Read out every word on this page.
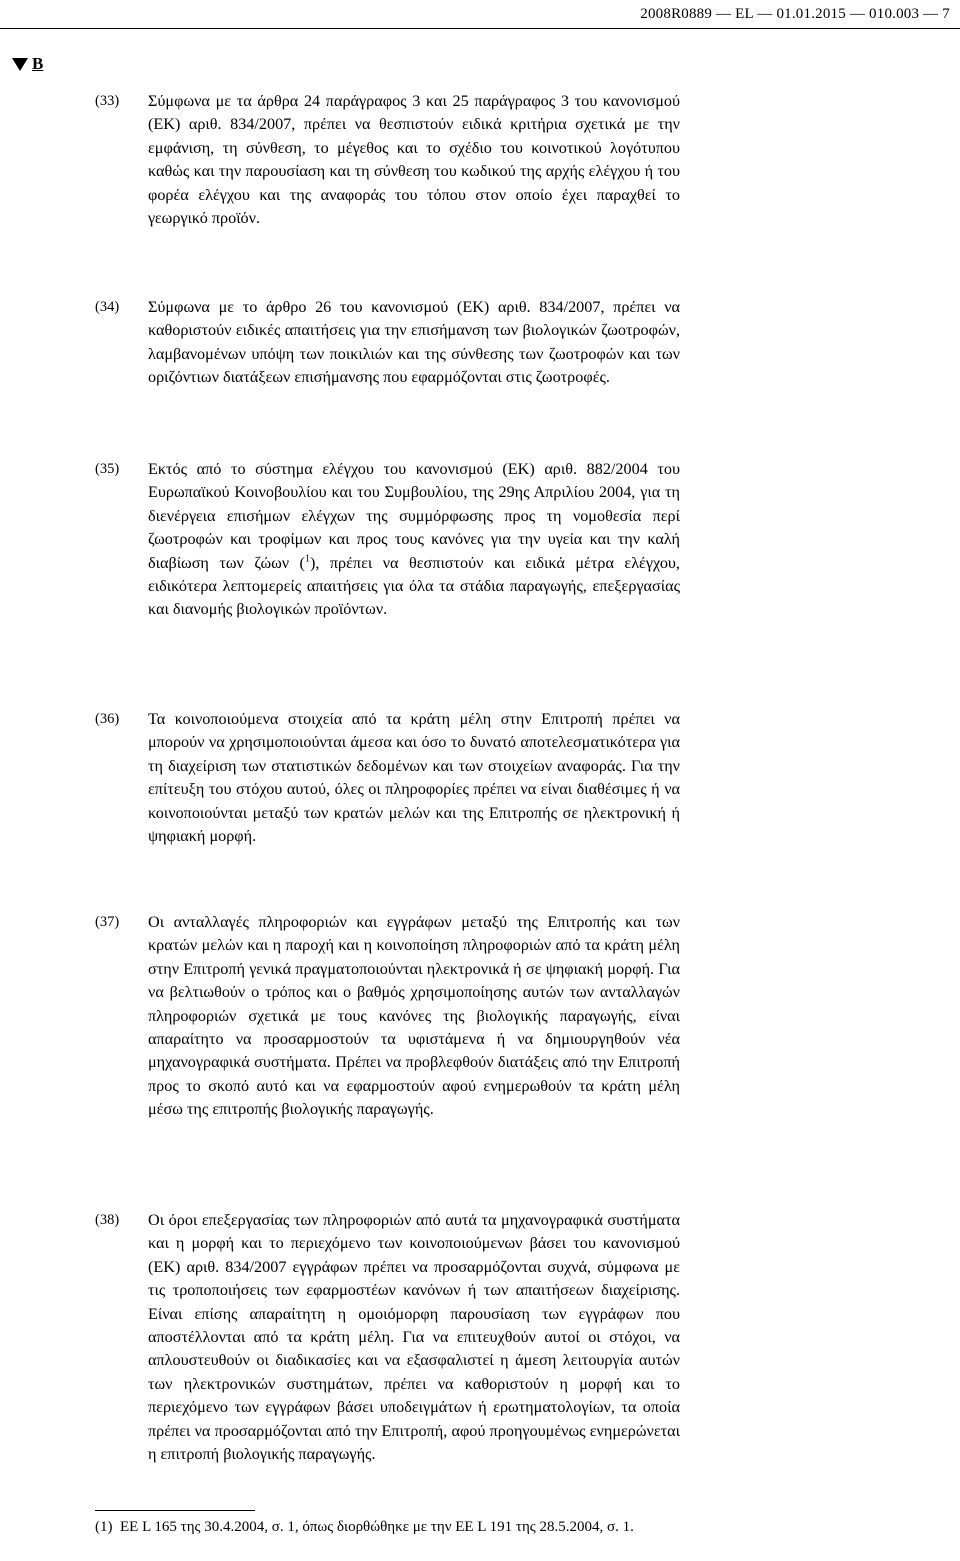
2008R0889 — EL — 01.01.2015 — 010.003 — 7
B
(33) Σύμφωνα με τα άρθρα 24 παράγραφος 3 και 25 παράγραφος 3 του κανονισμού (ΕΚ) αριθ. 834/2007, πρέπει να θεσπιστούν ειδικά κριτήρια σχετικά με την εμφάνιση, τη σύνθεση, το μέγεθος και το σχέδιο του κοινοτικού λογότυπου καθώς και την παρουσίαση και τη σύνθεση του κωδικού της αρχής ελέγχου ή του φορέα ελέγχου και της αναφοράς του τόπου στον οποίο έχει παραχθεί το γεωργικό προϊόν.
(34) Σύμφωνα με το άρθρο 26 του κανονισμού (ΕΚ) αριθ. 834/2007, πρέπει να καθοριστούν ειδικές απαιτήσεις για την επισήμανση των βιολογικών ζωοτροφών, λαμβανομένων υπόψη των ποικιλιών και της σύνθεσης των ζωοτροφών και των οριζόντιων διατάξεων επισήμανσης που εφαρμόζονται στις ζωοτροφές.
(35) Εκτός από το σύστημα ελέγχου του κανονισμού (ΕΚ) αριθ. 882/2004 του Ευρωπαϊκού Κοινοβουλίου και του Συμβουλίου, της 29ης Απριλίου 2004, για τη διενέργεια επισήμων ελέγχων της συμμόρφωσης προς τη νομοθεσία περί ζωοτροφών και τροφίμων και προς τους κανόνες για την υγεία και την καλή διαβίωση των ζώων ($^1$), πρέπει να θεσπιστούν και ειδικά μέτρα ελέγχου, ειδικότερα λεπτομερείς απαιτήσεις για όλα τα στάδια παραγωγής, επεξεργασίας και διανομής βιολογικών προϊόντων.
(36) Τα κοινοποιούμενα στοιχεία από τα κράτη μέλη στην Επιτροπή πρέπει να μπορούν να χρησιμοποιούνται άμεσα και όσο το δυνατό αποτελεσματικότερα για τη διαχείριση των στατιστικών δεδομένων και των στοιχείων αναφοράς. Για την επίτευξη του στόχου αυτού, όλες οι πληροφορίες πρέπει να είναι διαθέσιμες ή να κοινοποιούνται μεταξύ των κρατών μελών και της Επιτροπής σε ηλεκτρονική ή ψηφιακή μορφή.
(37) Οι ανταλλαγές πληροφοριών και εγγράφων μεταξύ της Επιτροπής και των κρατών μελών και η παροχή και η κοινοποίηση πληροφοριών από τα κράτη μέλη στην Επιτροπή γενικά πραγματοποιούνται ηλεκτρονικά ή σε ψηφιακή μορφή. Για να βελτιωθούν ο τρόπος και ο βαθμός χρησιμοποίησης αυτών των ανταλλαγών πληροφοριών σχετικά με τους κανόνες της βιολογικής παραγωγής, είναι απαραίτητο να προσαρμοστούν τα υφιστάμενα ή να δημιουργηθούν νέα μηχανογραφικά συστήματα. Πρέπει να προβλεφθούν διατάξεις από την Επιτροπή προς το σκοπό αυτό και να εφαρμοστούν αφού ενημερωθούν τα κράτη μέλη μέσω της επιτροπής βιολογικής παραγωγής.
(38) Οι όροι επεξεργασίας των πληροφοριών από αυτά τα μηχανογραφικά συστήματα και η μορφή και το περιεχόμενο των κοινοποιούμενων βάσει του κανονισμού (ΕΚ) αριθ. 834/2007 εγγράφων πρέπει να προσαρμόζονται συχνά, σύμφωνα με τις τροποποιήσεις των εφαρμοστέων κανόνων ή των απαιτήσεων διαχείρισης. Είναι επίσης απαραίτητη η ομοιόμορφη παρουσίαση των εγγράφων που αποστέλλονται από τα κράτη μέλη. Για να επιτευχθούν αυτοί οι στόχοι, να απλουστευθούν οι διαδικασίες και να εξασφαλιστεί η άμεση λειτουργία αυτών των ηλεκτρονικών συστημάτων, πρέπει να καθοριστούν η μορφή και το περιεχόμενο των εγγράφων βάσει υποδειγμάτων ή ερωτηματολογίων, τα οποία πρέπει να προσαρμόζονται από την Επιτροπή, αφού προηγουμένως ενημερώνεται η επιτροπή βιολογικής παραγωγής.
(1) ΕΕ L 165 της 30.4.2004, σ. 1, όπως διορθώθηκε με την ΕΕ L 191 της 28.5.2004, σ. 1.
